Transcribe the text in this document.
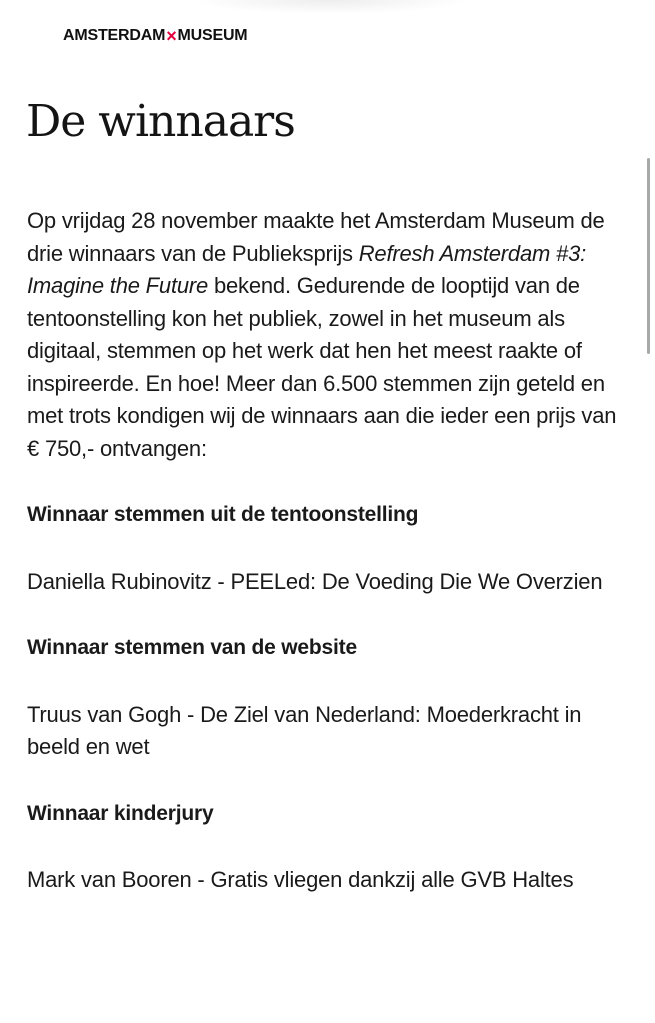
AMSTERDAM × MUSEUM
De winnaars

Op vrijdag 28 november maakte het Amsterdam Museum de drie winnaars van de Publieksprijs Refresh Amsterdam #3: Imagine the Future bekend. Gedurende de looptijd van de tentoonstelling kon het publiek, zowel in het museum als digitaal, stemmen op het werk dat hen het meest raakte of inspireerde. En hoe! Meer dan 6.500 stemmen zijn geteld en met trots kondigen wij de winnaars aan die ieder een prijs van € 750,- ontvangen:

Winnaar stemmen uit de tentoonstelling

Daniella Rubinovitz - PEELed: De Voeding Die We Overzien

Winnaar stemmen van de website

Truus van Gogh - De Ziel van Nederland: Moederkracht in beeld en wet

Winnaar kinderjury

Mark van Booren - Gratis vliegen dankzij alle GVB Haltes
